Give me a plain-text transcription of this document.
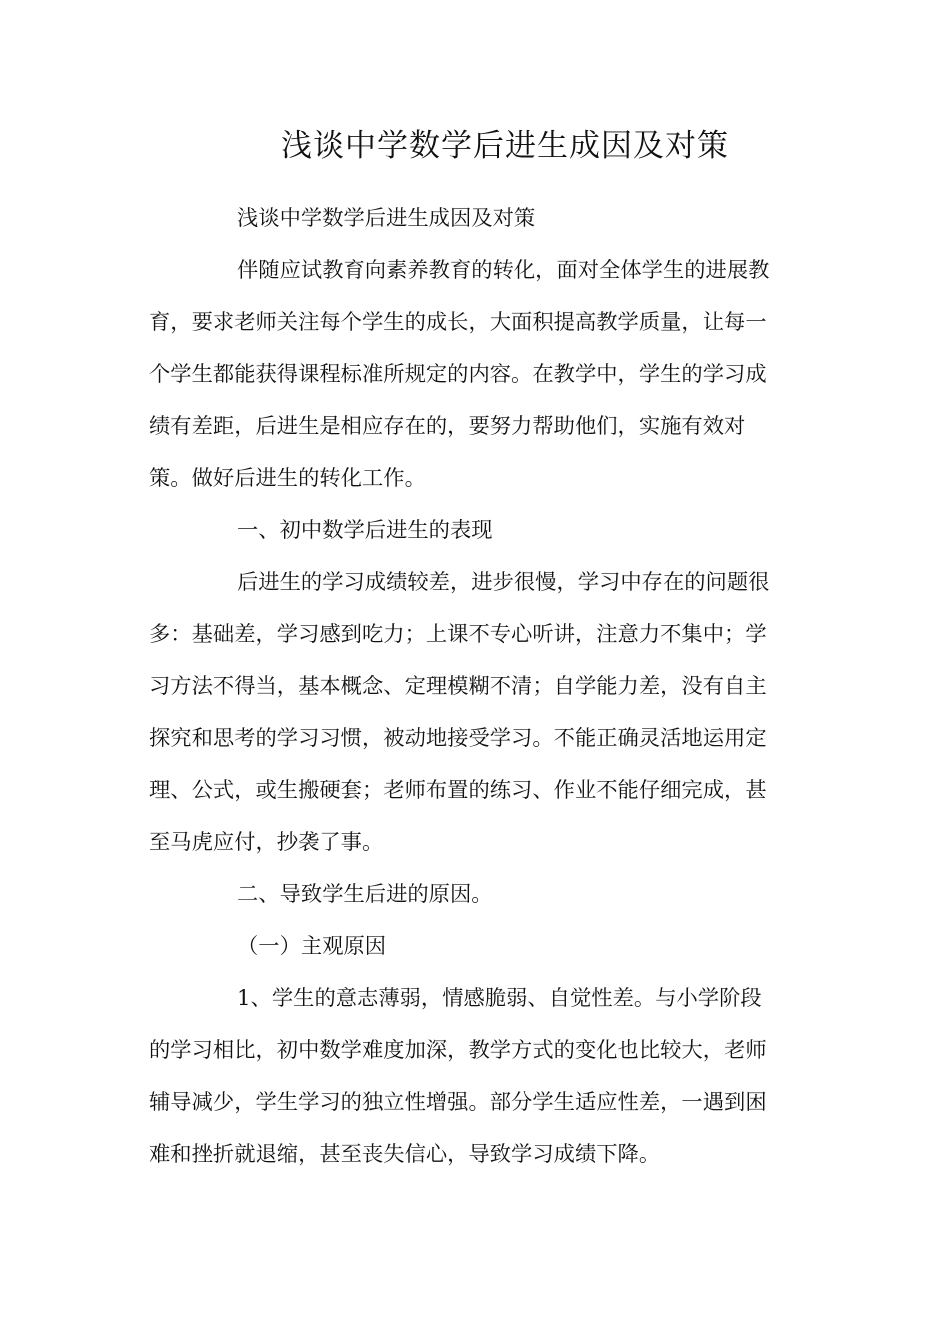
浅谈中学数学后进生成因及对策
浅谈中学数学后进生成因及对策
伴随应试教育向素养教育的转化，面对全体学生的进展教
育，要求老师关注每个学生的成长，大面积提高教学质量，让每一
个学生都能获得课程标准所规定的内容。在教学中，学生的学习成
绩有差距，后进生是相应存在的，要努力帮助他们，实施有效对
策。做好后进生的转化工作。
一、初中数学后进生的表现
后进生的学习成绩较差，进步很慢，学习中存在的问题很
多：基础差，学习感到吃力；上课不专心听讲，注意力不集中；学
习方法不得当，基本概念、定理模糊不清；自学能力差，没有自主
探究和思考的学习习惯，被动地接受学习。不能正确灵活地运用定
理、公式，或生搬硬套；老师布置的练习、作业不能仔细完成，甚
至马虎应付，抄袭了事。
二、导致学生后进的原因。
（一）主观原因
1、学生的意志薄弱，情感脆弱、自觉性差。与小学阶段
的学习相比，初中数学难度加深，教学方式的变化也比较大，老师
辅导减少，学生学习的独立性增强。部分学生适应性差，一遇到困
难和挫折就退缩，甚至丧失信心，导致学习成绩下降。
